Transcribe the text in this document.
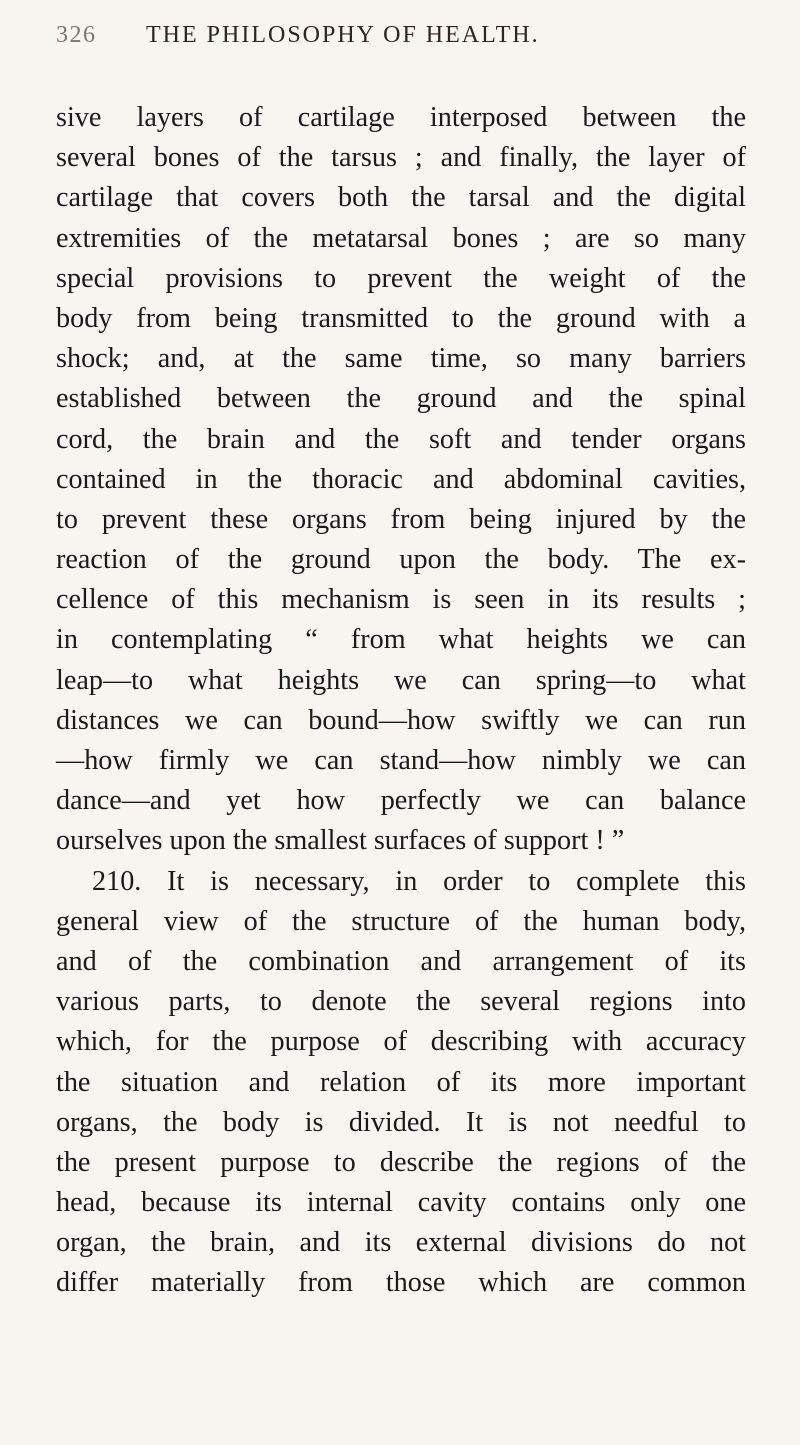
326	THE PHILOSOPHY OF HEALTH.
sive layers of cartilage interposed between the
several bones of the tarsus ; and finally, the layer of
cartilage that covers both the tarsal and the digital
extremities of the metatarsal bones ; are so many
special provisions to prevent the weight of the
body from being transmitted to the ground with a
shock; and, at the same time, so many barriers
established between the ground and the spinal
cord, the brain and the soft and tender organs
contained in the thoracic and abdominal cavities,
to prevent these organs from being injured by the
reaction of the ground upon the body. The ex-
cellence of this mechanism is seen in its results ;
in contemplating “ from what heights we can
leap—to what heights we can spring—to what
distances we can bound—how swiftly we can run
—how firmly we can stand—how nimbly we can
dance—and yet how perfectly we can balance
ourselves upon the smallest surfaces of support ! ”
210. It is necessary, in order to complete this
general view of the structure of the human body,
and of the combination and arrangement of its
various parts, to denote the several regions into
which, for the purpose of describing with accuracy
the situation and relation of its more important
organs, the body is divided. It is not needful to
the present purpose to describe the regions of the
head, because its internal cavity contains only one
organ, the brain, and its external divisions do not
differ materially from those which are common
